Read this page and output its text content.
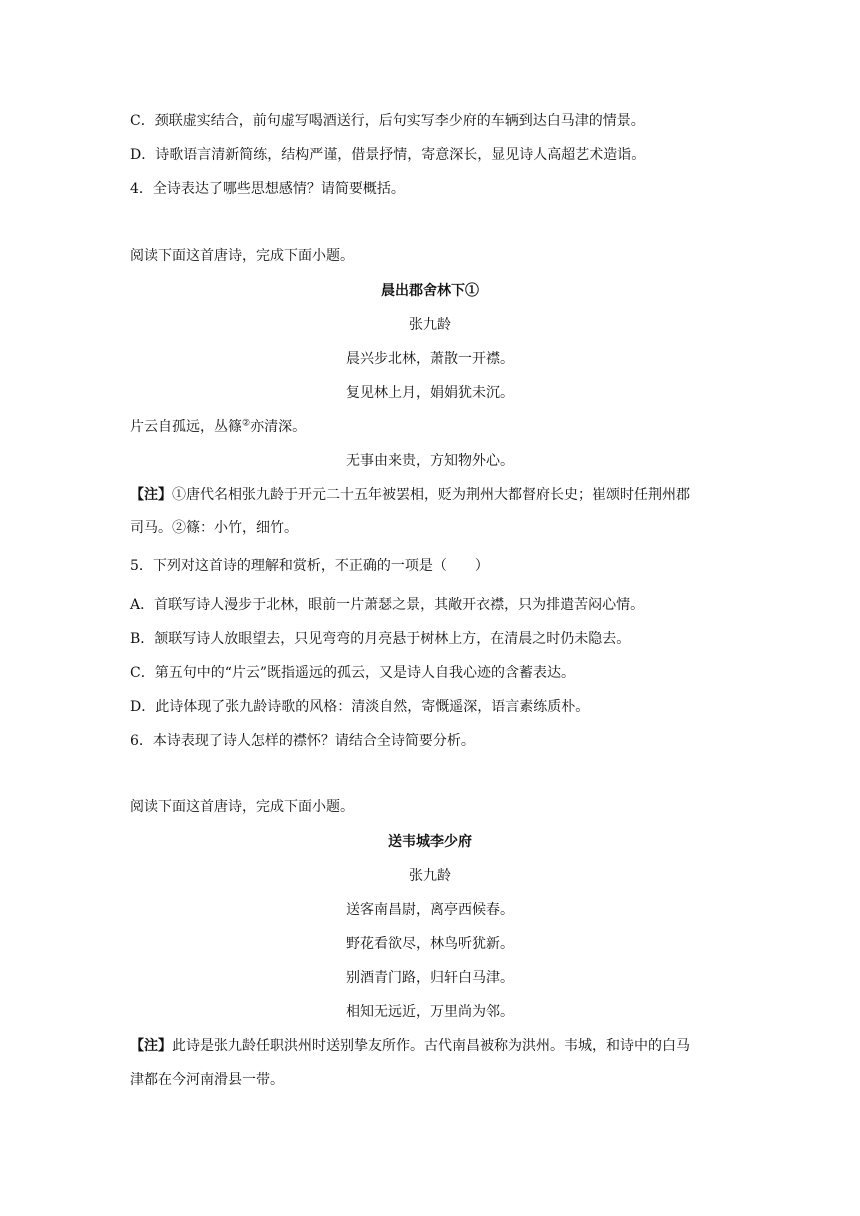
C．颈联虚实结合，前句虚写喝酒送行，后句实写李少府的车辆到达白马津的情景。
D．诗歌语言清新简练，结构严谨，借景抒情，寄意深长，显见诗人高超艺术造诣。
4．全诗表达了哪些思想感情？请简要概括。
阅读下面这首唐诗，完成下面小题。
晨出郡舍林下①
张九龄
晨兴步北林，萧散一开襟。
复见林上月，娟娟犹未沉。
片云自孤远，丛篠②亦清深。
无事由来贵，方知物外心。
【注】①唐代名相张九龄于开元二十五年被罢相，贬为荆州大都督府长史；崔颂时任荆州郡
司马。②篠：小竹，细竹。
5．下列对这首诗的理解和赏析，不正确的一项是（　　）
A．首联写诗人漫步于北林，眼前一片萧瑟之景，其敞开衣襟，只为排遣苦闷心情。
B．颔联写诗人放眼望去，只见弯弯的月亮悬于树林上方，在清晨之时仍未隐去。
C．第五句中的“片云”既指遥远的孤云，又是诗人自我心迹的含蓄表达。
D．此诗体现了张九龄诗歌的风格：清淡自然，寄慨遥深，语言素练质朴。
6．本诗表现了诗人怎样的襟怀？请结合全诗简要分析。
阅读下面这首唐诗，完成下面小题。
送韦城李少府
张九龄
送客南昌尉，离亭西候春。
野花看欲尽，林鸟听犹新。
别酒青门路，归轩白马津。
相知无远近，万里尚为邻。
【注】此诗是张九龄任职洪州时送别挚友所作。古代南昌被称为洪州。韦城，和诗中的白马
津都在今河南滑县一带。
